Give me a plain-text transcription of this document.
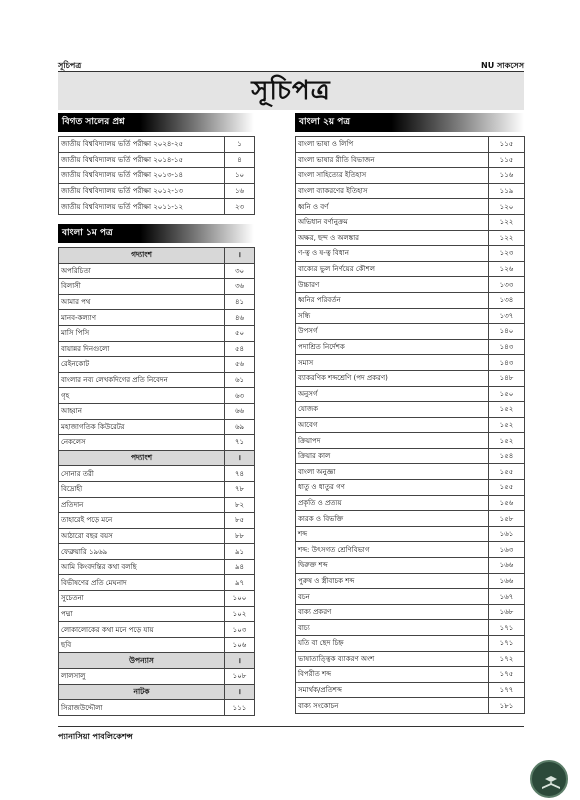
সূচিপত্র	NU সাকসেস
সূচিপত্র
বিগত সালের প্রশ্ন
জাতীয় বিশ্ববিদ্যালয় ভর্তি পরীক্ষা ২০২৪-২৫	১
জাতীয় বিশ্ববিদ্যালয় ভর্তি পরীক্ষা ২০১৪-১৫	৪
জাতীয় বিশ্ববিদ্যালয় ভর্তি পরীক্ষা ২০১৩-১৪	১০
জাতীয় বিশ্ববিদ্যালয় ভর্তি পরীক্ষা ২০১২-১৩	১৬
জাতীয় বিশ্ববিদ্যালয় ভর্তি পরীক্ষা ২০১১-১২	২৩
বাংলা ১ম পত্র
গদ্যাংশ	।
অপরিচিতা	৩০
বিলাসী	৩৬
আমার পথ	৪১
মানব-কল্যাণ	৪৬
মাসি পিসি	৫০
বায়ান্নর দিনগুলো	৫৪
রেইনকোট	৫৬
বাংলার নব্য লেখকদিগের প্রতি নিবেদন	৬১
গৃহ	৬৩
আহ্বান	৬৬
মহাজাগতিক কিউরেটর	৬৯
নেকলেস	৭১
পদ্যাংশ	।
সোনার তরী	৭৪
বিদ্রোহী	৭৮
প্রতিদান	৮২
তাহারেই পড়ে মনে	৮৫
আঠারো বছর বয়স	৮৮
ফেব্রুয়ারি ১৯৬৯	৯১
আমি কিংবদন্তির কথা বলছি	৯৪
বিভীষণের প্রতি মেঘনাদ	৯৭
সুচেতনা	১০০
পদ্মা	১০২
লোকালোকের কথা মনে পড়ে যায়	১০৩
ছবি	১০৬
উপন্যাস	।
লালসালু	১০৮
নাটক	।
সিরাজউদ্দৌলা	১১১
বাংলা ২য় পত্র
বাংলা ভাষা ও লিপি	১১৫
বাংলা ভাষার রীতি বিভাজন	১১৫
বাংলা সাহিত্যের ইতিহাস	১১৬
বাংলা ব্যাকরণের ইতিহাস	১১৯
ধ্বনি ও বর্ণ	১২০
অভিধান বর্ণানুক্রম	১২২
অক্ষর, ছন্দ ও অলঙ্কার	১২২
ণ-ত্ব ও ষ-ত্ব বিধান	১২৩
বাক্যের ভুল নির্ণয়ের কৌশল	১২৬
উচ্চারণ	১৩৩
ধ্বনির পরিবর্তন	১৩৪
সন্ধি	১৩৭
উপসর্গ	১৪০
পদাশ্রিত নির্দেশক	১৪৩
সমাস	১৪৩
ব্যাকরণিক শব্দশ্রেণি (পদ প্রকরণ)	১৪৮
অনুসর্গ	১৫০
যোজক	১৫২
আবেগ	১৫২
ক্রিয়াপদ	১৫২
ক্রিয়ার কাল	১৫৪
বাংলা অনুজ্ঞা	১৫৫
ধাতু ও ধাতুর গণ	১৫৫
প্রকৃতি ও প্রত্যয়	১৫৬
কারক ও বিভক্তি	১৫৮
শব্দ	১৬১
শব্দ: উৎসগত শ্রেণিবিভাগ	১৬৩
দ্বিরুক্ত শব্দ	১৬৬
পুরুষ ও স্ত্রীবাচক শব্দ	১৬৬
বচন	১৬৭
বাক্য প্রকরণ	১৬৮
বাচ্য	১৭১
যতি বা ছেদ চিহ্ন	১৭১
ভাষাতাত্ত্বিক ব্যাকরণ অংশ	১৭২
বিপরীত শব্দ	১৭৫
সমার্থক/প্রতিশব্দ	১৭৭
বাক্য সংকোচন	১৮১
প্যানাসিয়া পাবলিকেশন্স
